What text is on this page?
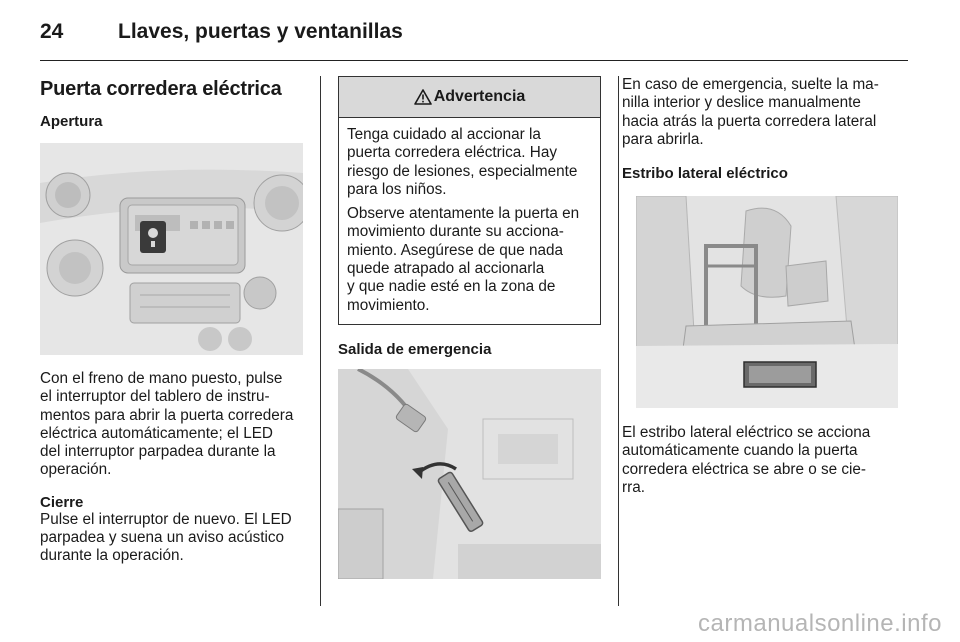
24	Llaves, puertas y ventanillas
Puerta corredera eléctrica
Apertura

Con el freno de mano puesto, pulse

el interruptor del tablero de instru-

mentos para abrir la puerta corredera

eléctrica automáticamente; el LED

del interruptor parpadea durante la

operación.

Cierre

Pulse el interruptor de nuevo. El LED

parpadea y suena un aviso acústico

durante la operación.

Advertencia

Tenga cuidado al accionar la
puerta corredera eléctrica. Hay
riesgo de lesiones, especialmente
para los niños.

Observe atentamente la puerta en
movimiento durante su acciona-
miento. Asegúrese de que nada
quede atrapado al accionarla
y que nadie esté en la zona de
movimiento.

Salida de emergencia

En caso de emergencia, suelte la ma-

nilla interior y deslice manualmente

hacia atrás la puerta corredera lateral

para abrirla.

Estribo lateral eléctrico

El estribo lateral eléctrico se acciona

automáticamente cuando la puerta

corredera eléctrica se abre o se cie-

rra.

carmanualsonline.info
